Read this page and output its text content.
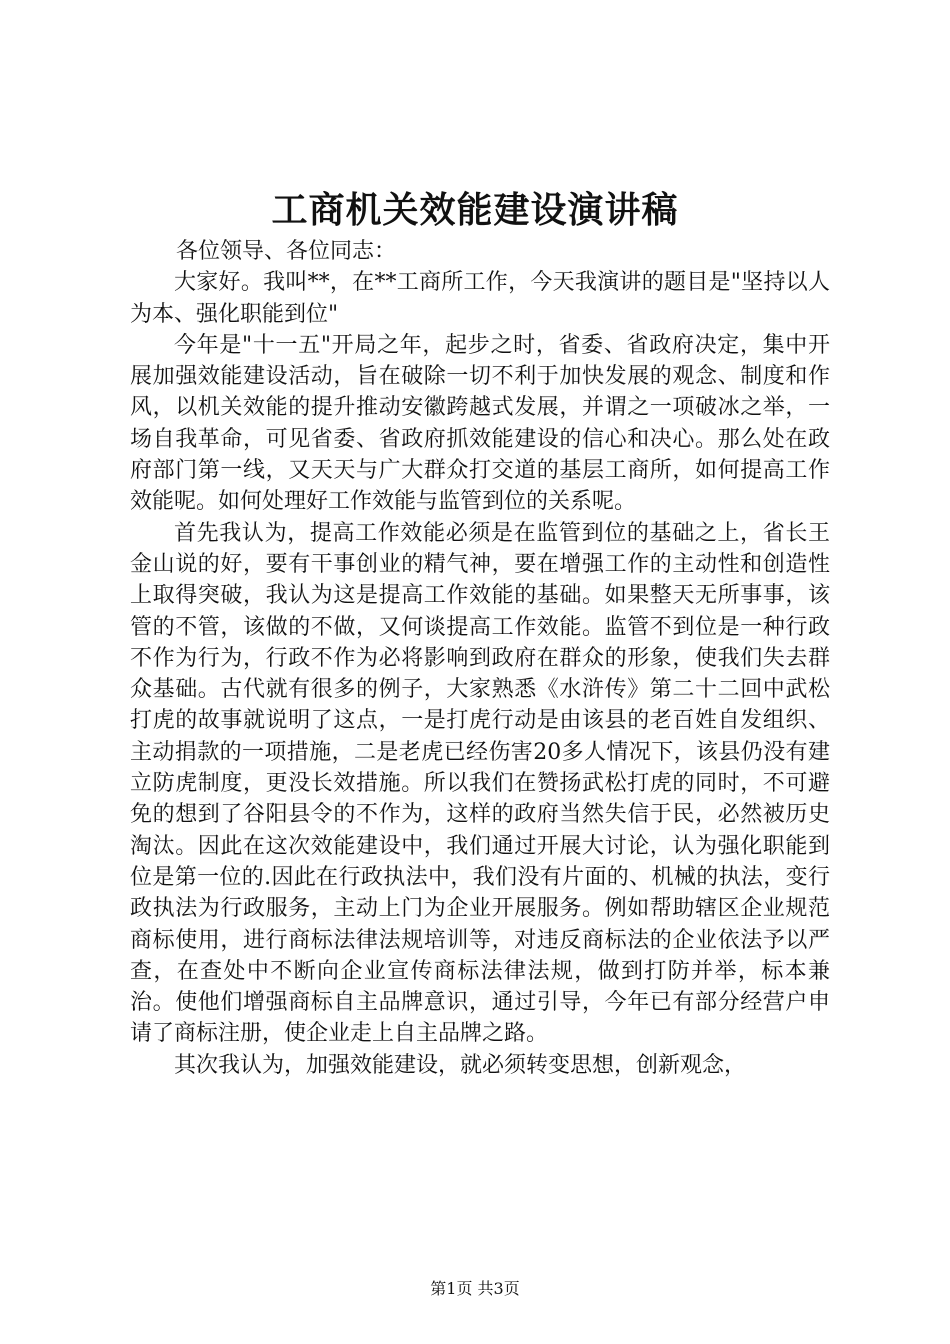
工商机关效能建设演讲稿

各位领导、各位同志：

大家好。我叫**，在**工商所工作，今天我演讲的题目是"坚持以人为本、强化职能到位"

今年是"十一五"开局之年，起步之时，省委、省政府决定，集中开展加强效能建设活动，旨在破除一切不利于加快发展的观念、制度和作风，以机关效能的提升推动安徽跨越式发展，并谓之一项破冰之举，一场自我革命，可见省委、省政府抓效能建设的信心和决心。那么处在政府部门第一线，又天天与广大群众打交道的基层工商所，如何提高工作效能呢。如何处理好工作效能与监管到位的关系呢。

首先我认为，提高工作效能必须是在监管到位的基础之上，省长王金山说的好，要有干事创业的精气神，要在增强工作的主动性和创造性上取得突破，我认为这是提高工作效能的基础。如果整天无所事事，该管的不管，该做的不做，又何谈提高工作效能。监管不到位是一种行政不作为行为，行政不作为必将影响到政府在群众的形象，使我们失去群众基础。古代就有很多的例子，大家熟悉《水浒传》第二十二回中武松打虎的故事就说明了这点，一是打虎行动是由该县的老百姓自发组织、主动捐款的一项措施，二是老虎已经伤害20多人情况下，该县仍没有建立防虎制度，更没长效措施。所以我们在赞扬武松打虎的同时，不可避免的想到了谷阳县令的不作为，这样的政府当然失信于民，必然被历史淘汰。因此在这次效能建设中，我们通过开展大讨论，认为强化职能到位是第一位的.因此在行政执法中，我们没有片面的、机械的执法，变行政执法为行政服务，主动上门为企业开展服务。例如帮助辖区企业规范商标使用，进行商标法律法规培训等，对违反商标法的企业依法予以严查，在查处中不断向企业宣传商标法律法规，做到打防并举，标本兼治。使他们增强商标自主品牌意识，通过引导，今年已有部分经营户申请了商标注册，使企业走上自主品牌之路。

其次我认为，加强效能建设，就必须转变思想，创新观念，

第1页 共3页
